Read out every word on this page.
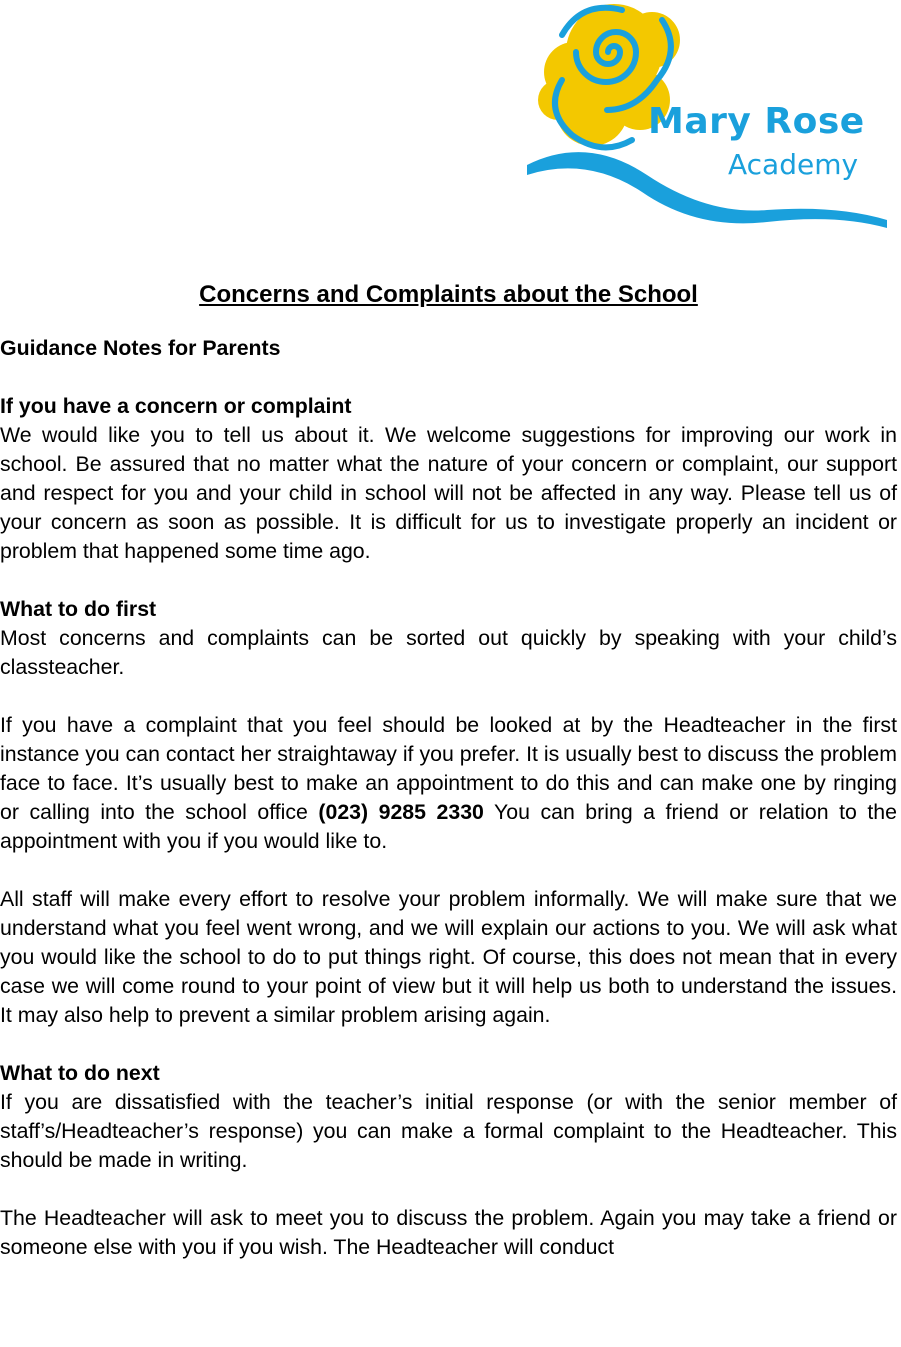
Mary Rose
Academy
Concerns and Complaints about the School
Guidance Notes for Parents
If you have a concern or complaint

We would like you to tell us about it. We welcome suggestions for improving our work in school. Be assured that no matter what the nature of your concern or complaint, our support and respect for you and your child in school will not be affected in any way. Please tell us of your concern as soon as possible. It is difficult for us to investigate properly an incident or problem that happened some time ago.

What to do first

Most concerns and complaints can be sorted out quickly by speaking with your child’s classteacher.

If you have a complaint that you feel should be looked at by the Headteacher in the first instance you can contact her straightaway if you prefer. It is usually best to discuss the problem face to face. It’s usually best to make an appointment to do this and can make one by ringing or calling into the school office (023) 9285 2330 You can bring a friend or relation to the appointment with you if you would like to.

All staff will make every effort to resolve your problem informally. We will make sure that we understand what you feel went wrong, and we will explain our actions to you. We will ask what you would like the school to do to put things right. Of course, this does not mean that in every case we will come round to your point of view but it will help us both to understand the issues. It may also help to prevent a similar problem arising again.

What to do next

If you are dissatisfied with the teacher’s initial response (or with the senior member of staff’s/Headteacher’s response) you can make a formal complaint to the Headteacher. This should be made in writing.

The Headteacher will ask to meet you to discuss the problem. Again you may take a friend or someone else with you if you wish. The Headteacher will conduct
